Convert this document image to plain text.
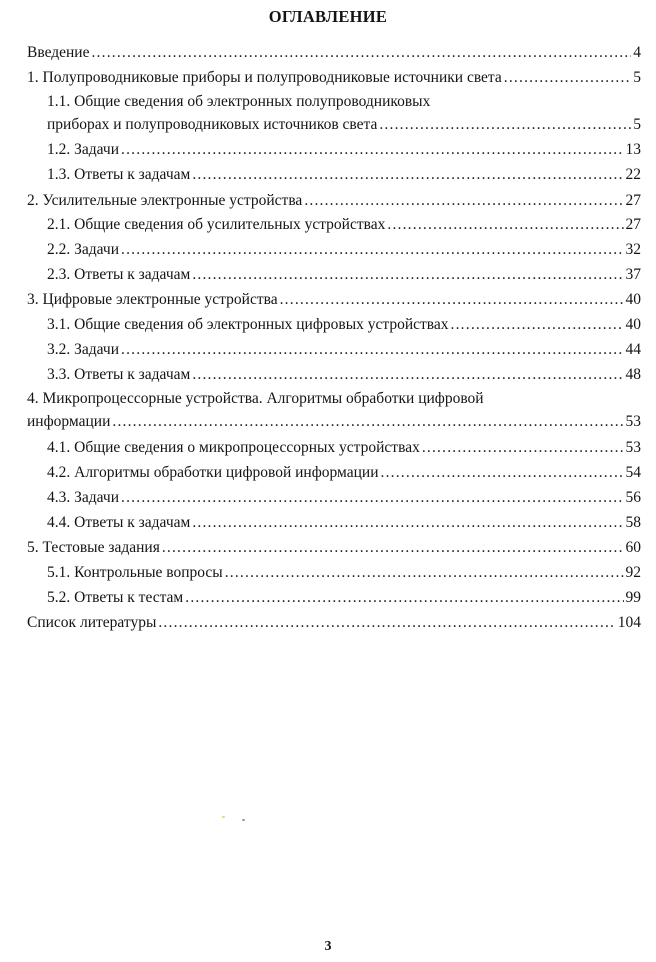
ОГЛАВЛЕНИЕ
Введение .....	4
1. Полупроводниковые приборы и полупроводниковые источники света .....	5
1.1. Общие сведения об электронных полупроводниковых
приборах и полупроводниковых источников света .....	5
1.2. Задачи .....	13
1.3. Ответы к задачам .....	22
2. Усилительные электронные устройства .....	27
2.1. Общие сведения об усилительных устройствах .....	27
2.2. Задачи .....	32
2.3. Ответы к задачам .....	37
3. Цифровые электронные устройства .....	40
3.1. Общие сведения об электронных цифровых устройствах .....	40
3.2. Задачи .....	44
3.3. Ответы к задачам .....	48
4. Микропроцессорные устройства. Алгоритмы обработки цифровой
информации .....	53
4.1. Общие сведения о микропроцессорных устройствах .....	53
4.2. Алгоритмы обработки цифровой информации .....	54
4.3. Задачи .....	56
4.4. Ответы к задачам .....	58
5. Тестовые задания .....	60
5.1. Контрольные вопросы .....	92
5.2. Ответы к тестам .....	99
Список литературы .....	104
3
